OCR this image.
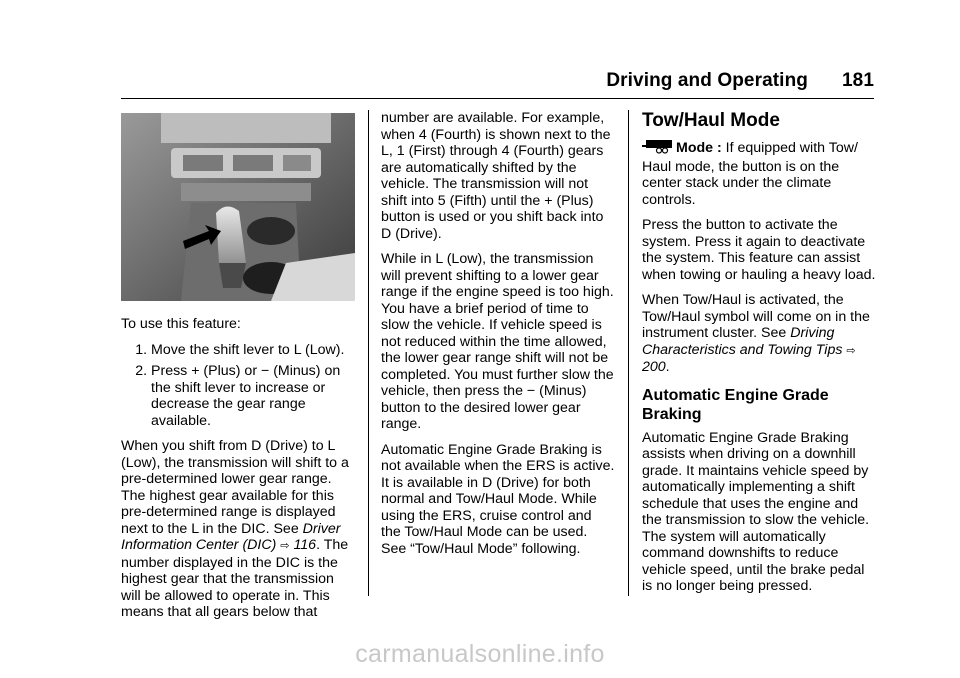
Driving and Operating 181

To use this feature:

1. Move the shift lever to L (Low).
2. Press + (Plus) or − (Minus) on the shift lever to increase or decrease the gear range available.

When you shift from D (Drive) to L (Low), the transmission will shift to a pre-determined lower gear range. The highest gear available for this pre-determined range is displayed next to the L in the DIC. See Driver Information Center (DIC) ⇨ 116. The number displayed in the DIC is the highest gear that the transmission will be allowed to operate in. This means that all gears below that

number are available. For example, when 4 (Fourth) is shown next to the L, 1 (First) through 4 (Fourth) gears are automatically shifted by the vehicle. The transmission will not shift into 5 (Fifth) until the + (Plus) button is used or you shift back into D (Drive).

While in L (Low), the transmission will prevent shifting to a lower gear range if the engine speed is too high. You have a brief period of time to slow the vehicle. If vehicle speed is not reduced within the time allowed, the lower gear range shift will not be completed. You must further slow the vehicle, then press the − (Minus) button to the desired lower gear range.

Automatic Engine Grade Braking is not available when the ERS is active. It is available in D (Drive) for both normal and Tow/Haul Mode. While using the ERS, cruise control and the Tow/Haul Mode can be used. See “Tow/Haul Mode” following.

Tow/Haul Mode

Mode : If equipped with Tow/ Haul mode, the button is on the center stack under the climate controls.

Press the button to activate the system. Press it again to deactivate the system. This feature can assist when towing or hauling a heavy load.

When Tow/Haul is activated, the Tow/Haul symbol will come on in the instrument cluster. See Driving Characteristics and Towing Tips ⇨ 200.

Automatic Engine Grade Braking

Automatic Engine Grade Braking assists when driving on a downhill grade. It maintains vehicle speed by automatically implementing a shift schedule that uses the engine and the transmission to slow the vehicle. The system will automatically command downshifts to reduce vehicle speed, until the brake pedal is no longer being pressed.

carmanualsonline.info
